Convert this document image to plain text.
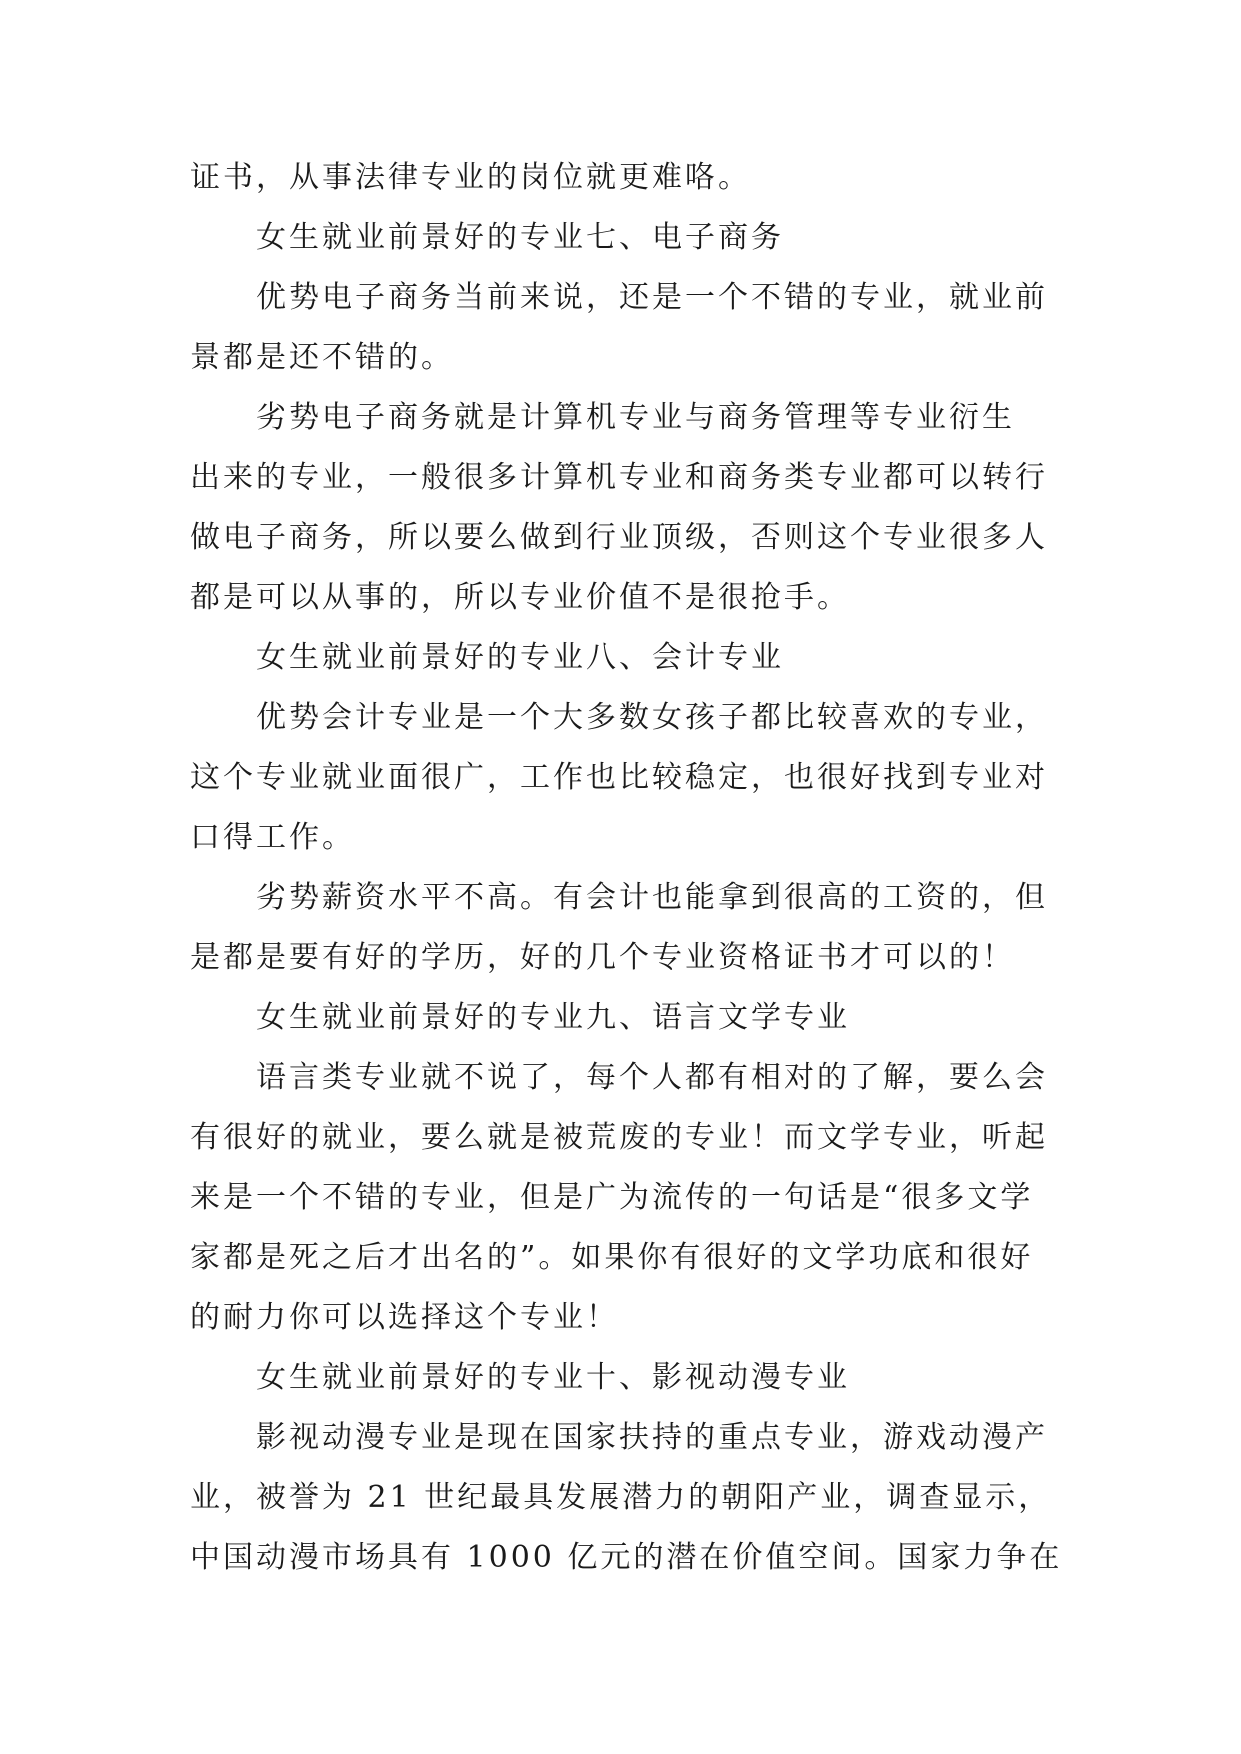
证书，从事法律专业的岗位就更难咯。
女生就业前景好的专业七、电子商务
优势电子商务当前来说，还是一个不错的专业，就业前
景都是还不错的。
劣势电子商务就是计算机专业与商务管理等专业衍生
出来的专业，一般很多计算机专业和商务类专业都可以转行
做电子商务，所以要么做到行业顶级，否则这个专业很多人
都是可以从事的，所以专业价值不是很抢手。
女生就业前景好的专业八、会计专业
优势会计专业是一个大多数女孩子都比较喜欢的专业，
这个专业就业面很广，工作也比较稳定，也很好找到专业对
口得工作。
劣势薪资水平不高。有会计也能拿到很高的工资的，但
是都是要有好的学历，好的几个专业资格证书才可以的！
女生就业前景好的专业九、语言文学专业
语言类专业就不说了，每个人都有相对的了解，要么会
有很好的就业，要么就是被荒废的专业！而文学专业，听起
来是一个不错的专业，但是广为流传的一句话是“很多文学
家都是死之后才出名的”。如果你有很好的文学功底和很好
的耐力你可以选择这个专业！
女生就业前景好的专业十、影视动漫专业
影视动漫专业是现在国家扶持的重点专业，游戏动漫产
业，被誉为 21 世纪最具发展潜力的朝阳产业，调查显示，
中国动漫市场具有 1000 亿元的潜在价值空间。国家力争在
